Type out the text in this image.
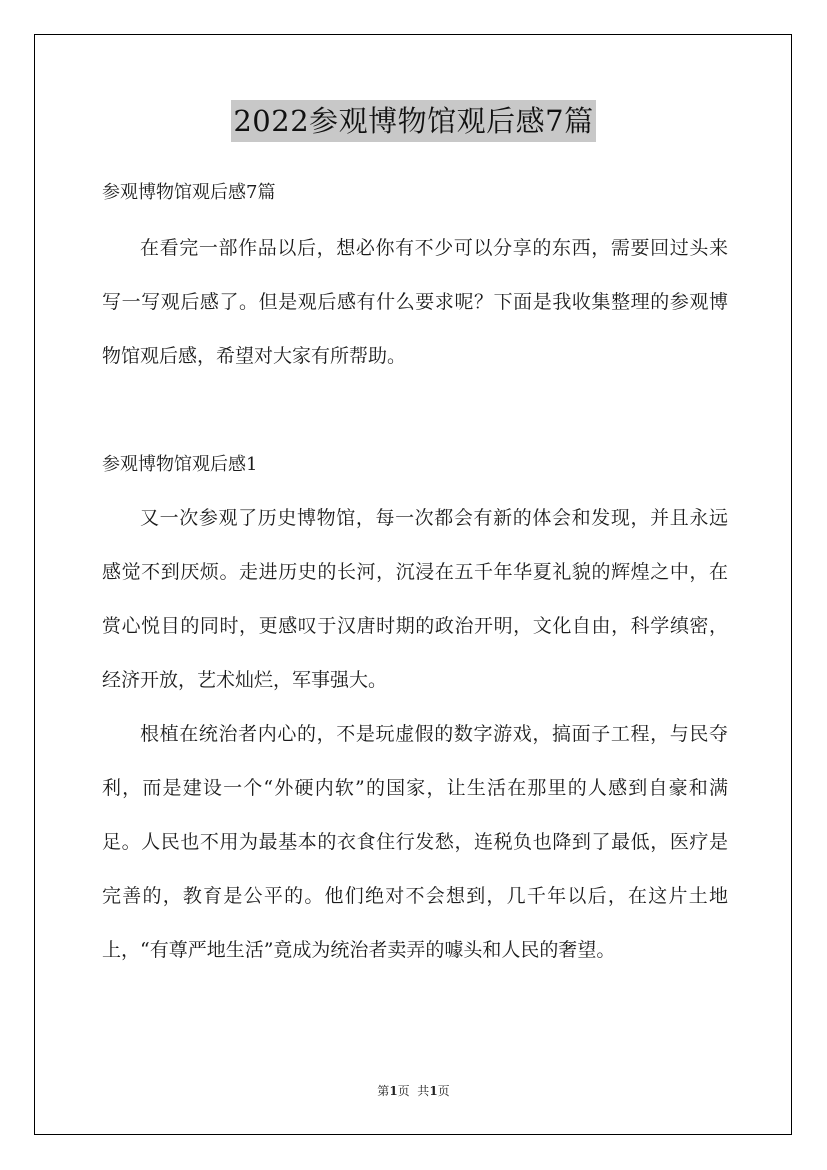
2022参观博物馆观后感7篇

参观博物馆观后感7篇

在看完一部作品以后，想必你有不少可以分享的东西，需要回过头来写一写观后感了。但是观后感有什么要求呢？下面是我收集整理的参观博物馆观后感，希望对大家有所帮助。

参观博物馆观后感1

又一次参观了历史博物馆，每一次都会有新的体会和发现，并且永远感觉不到厌烦。走进历史的长河，沉浸在五千年华夏礼貌的辉煌之中，在赏心悦目的同时，更感叹于汉唐时期的政治开明，文化自由，科学缜密，经济开放，艺术灿烂，军事强大。

根植在统治者内心的，不是玩虚假的数字游戏，搞面子工程，与民夺利，而是建设一个“外硬内软”的国家，让生活在那里的人感到自豪和满足。人民也不用为最基本的衣食住行发愁，连税负也降到了最低，医疗是完善的，教育是公平的。他们绝对不会想到，几千年以后，在这片土地上，“有尊严地生活”竟成为统治者卖弄的噱头和人民的奢望。

第1页  共1页
